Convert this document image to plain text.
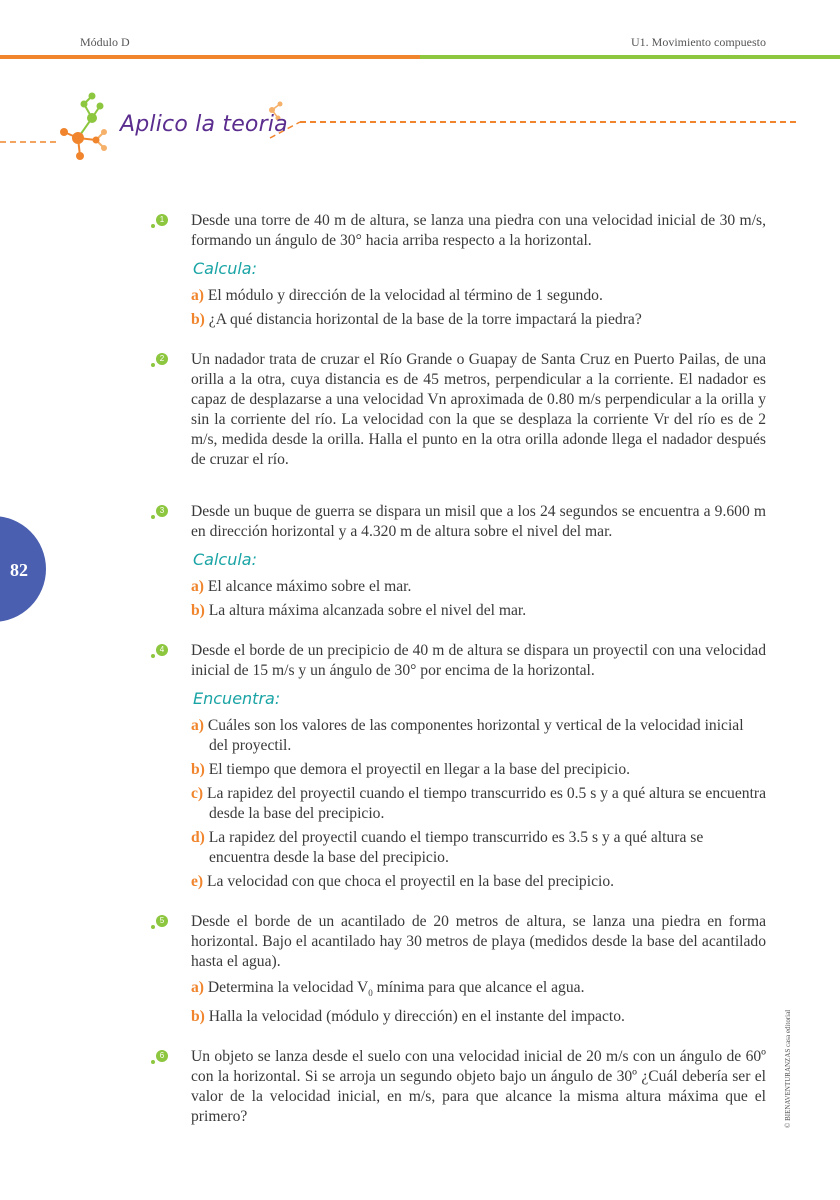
Módulo D	U1. Movimiento compuesto
Aplico la teoria
82
© BIENAVENTURANZAS casa editorial
1 Desde una torre de 40 m de altura, se lanza una piedra con una velocidad inicial de 30 m/s, formando un ángulo de 30° hacia arriba respecto a la horizontal.

Calcula:
a) El módulo y dirección de la velocidad al término de 1 segundo.
b) ¿A qué distancia horizontal de la base de la torre impactará la piedra?
2 Un nadador trata de cruzar el Río Grande o Guapay de Santa Cruz en Puerto Pailas, de una orilla a la otra, cuya distancia es de 45 metros, perpendicular a la corriente. El nadador es capaz de desplazarse a una velocidad Vn aproximada de 0.80 m/s perpendicular a la orilla y sin la corriente del río. La velocidad con la que se desplaza la corriente Vr del río es de 2 m/s, medida desde la orilla. Halla el punto en la otra orilla adonde llega el nadador después de cruzar el río.

3 Desde un buque de guerra se dispara un misil que a los 24 segundos se encuentra a 9.600 m en dirección horizontal y a 4.320 m de altura sobre el nivel del mar.

Calcula:
a) El alcance máximo sobre el mar.
b) La altura máxima alcanzada sobre el nivel del mar.
4 Desde el borde de un precipicio de 40 m de altura se dispara un proyectil con una velocidad inicial de 15 m/s y un ángulo de 30° por encima de la horizontal.

Encuentra:
a) Cuáles son los valores de las componentes horizontal y vertical de la velocidad inicial del proyectil.
b) El tiempo que demora el proyectil en llegar a la base del precipicio.
c) La rapidez del proyectil cuando el tiempo transcurrido es 0.5 s y a qué altura se encuentra desde la base del precipicio.
d) La rapidez del proyectil cuando el tiempo transcurrido es 3.5 s y a qué altura se encuentra desde la base del precipicio.
e) La velocidad con que choca el proyectil en la base del precipicio.
5 Desde el borde de un acantilado de 20 metros de altura, se lanza una piedra en forma horizontal. Bajo el acantilado hay 30 metros de playa (medidos desde la base del acantilado hasta el agua).

a) Determina la velocidad $V_0$ mínima para que alcance el agua.
b) Halla la velocidad (módulo y dirección) en el instante del impacto.
6 Un objeto se lanza desde el suelo con una velocidad inicial de 20 m/s con un ángulo de 60º con la horizontal. Si se arroja un segundo objeto bajo un ángulo de 30º ¿Cuál debería ser el valor de la velocidad inicial, en m/s, para que alcance la misma altura máxima que el primero?
